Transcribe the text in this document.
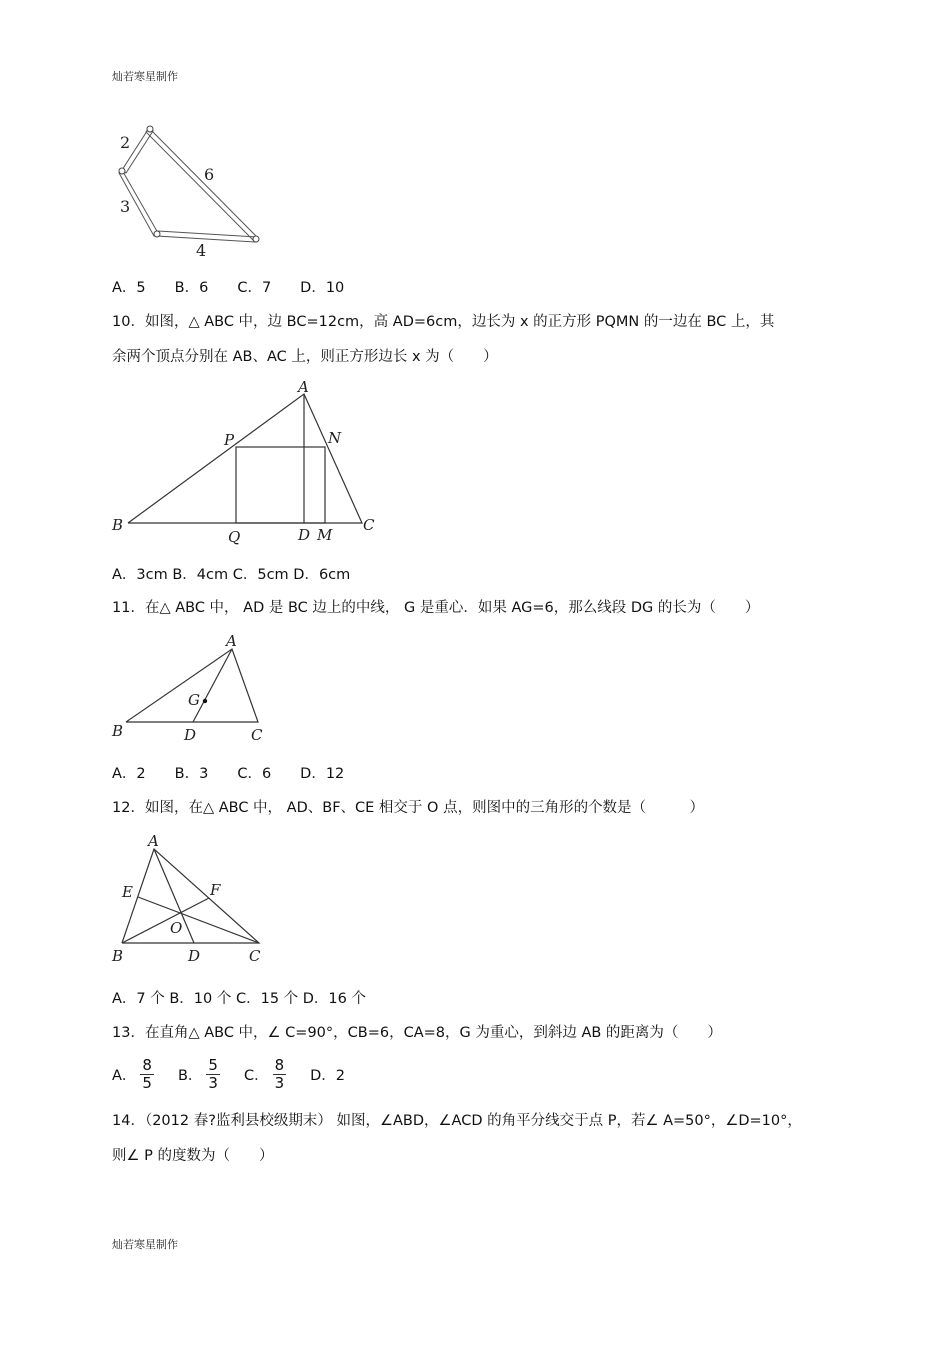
灿若寒星制作
2
3
6
4
A．5　　B．6　　C．7　　D．10
10．如图，△ ABC 中，边 BC=12cm，高 AD=6cm，边长为 x 的正方形 PQMN 的一边在 BC 上，其
余两个顶点分别在 AB、AC 上，则正方形边长 x 为（　　）
A
P	N
B
Q	D M
C
A．3cm B．4cm C．5cm D．6cm
11．在△ ABC 中， AD 是 BC 边上的中线， G 是重心．如果 AG=6，那么线段 DG 的长为（　　）
A
G
B	D	C
A．2　　B．3　　C．6　　D．12
12．如图，在△ ABC 中， AD、BF、CE 相交于 O 点，则图中的三角形的个数是（　　　）
A
E	F
O
B	D	C
A．7 个 B．10 个 C．15 个 D．16 个
13．在直角△ ABC 中，∠ C=90°，CB=6，CA=8，G 为重心，到斜边 AB 的距离为（　　）
A． $\frac{8}{5}$ B． $\frac{5}{3}$ C． $\frac{8}{3}$ D．2
14．（2012 春?监利县校级期末） 如图，∠ABD，∠ACD 的角平分线交于点 P，若∠ A=50°，∠D=10°，
则∠ P 的度数为（　　）
灿若寒星制作
